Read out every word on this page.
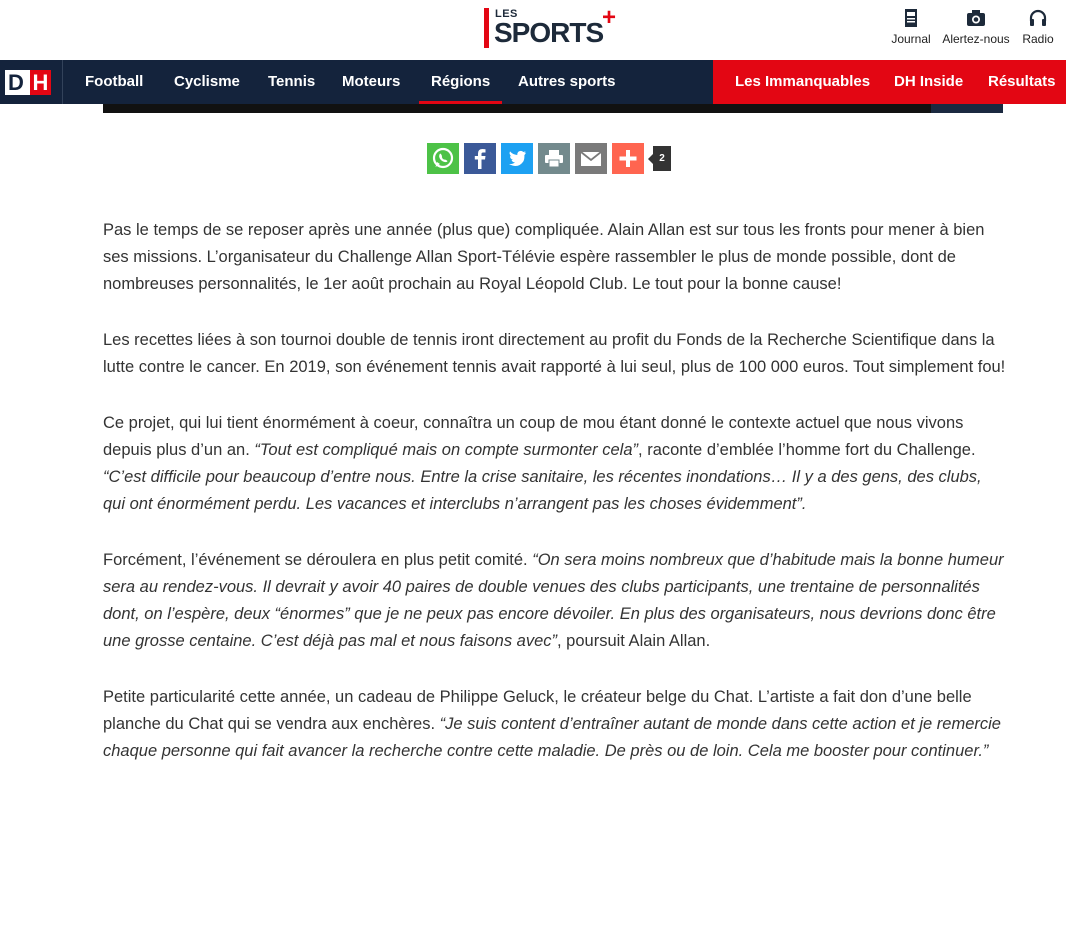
LES
SPORTS
+
Journal Alertez-nous	Radio
D H Football Cyclisme Tennis Moteurs Régions Autres sports	Les Immanquables DH Inside Résultats
2

Pas le temps de se reposer après une année (plus que) compliquée. Alain Allan est sur tous les fronts pour mener à bien ses missions. L’organisateur du Challenge Allan Sport-Télévie espère rassembler le plus de monde possible, dont de nombreuses personnalités, le 1er août prochain au Royal Léopold Club. Le tout pour la bonne cause!

Les recettes liées à son tournoi double de tennis iront directement au profit du Fonds de la Recherche Scientifique dans la lutte contre le cancer. En 2019, son événement tennis avait rapporté à lui seul, plus de 100 000 euros. Tout simplement fou!

Ce projet, qui lui tient énormément à coeur, connaîtra un coup de mou étant donné le contexte actuel que nous vivons depuis plus d’un an. “Tout est compliqué mais on compte surmonter cela”, raconte d’emblée l’homme fort du Challenge. “C’est difficile pour beaucoup d’entre nous. Entre la crise sanitaire, les récentes inondations… Il y a des gens, des clubs, qui ont énormément perdu. Les vacances et interclubs n’arrangent pas les choses évidemment”.

Forcément, l’événement se déroulera en plus petit comité. “On sera moins nombreux que d’habitude mais la bonne humeur sera au rendez-vous. Il devrait y avoir 40 paires de double venues des clubs participants, une trentaine de personnalités dont, on l’espère, deux “énormes” que je ne peux pas encore dévoiler. En plus des organisateurs, nous devrions donc être une grosse centaine. C’est déjà pas mal et nous faisons avec”, poursuit Alain Allan.

Petite particularité cette année, un cadeau de Philippe Geluck, le créateur belge du Chat. L’artiste a fait don d’une belle planche du Chat qui se vendra aux enchères. “Je suis content d’entraîner autant de monde dans cette action et je remercie chaque personne qui fait avancer la recherche contre cette maladie. De près ou de loin. Cela me booster pour continuer.”
